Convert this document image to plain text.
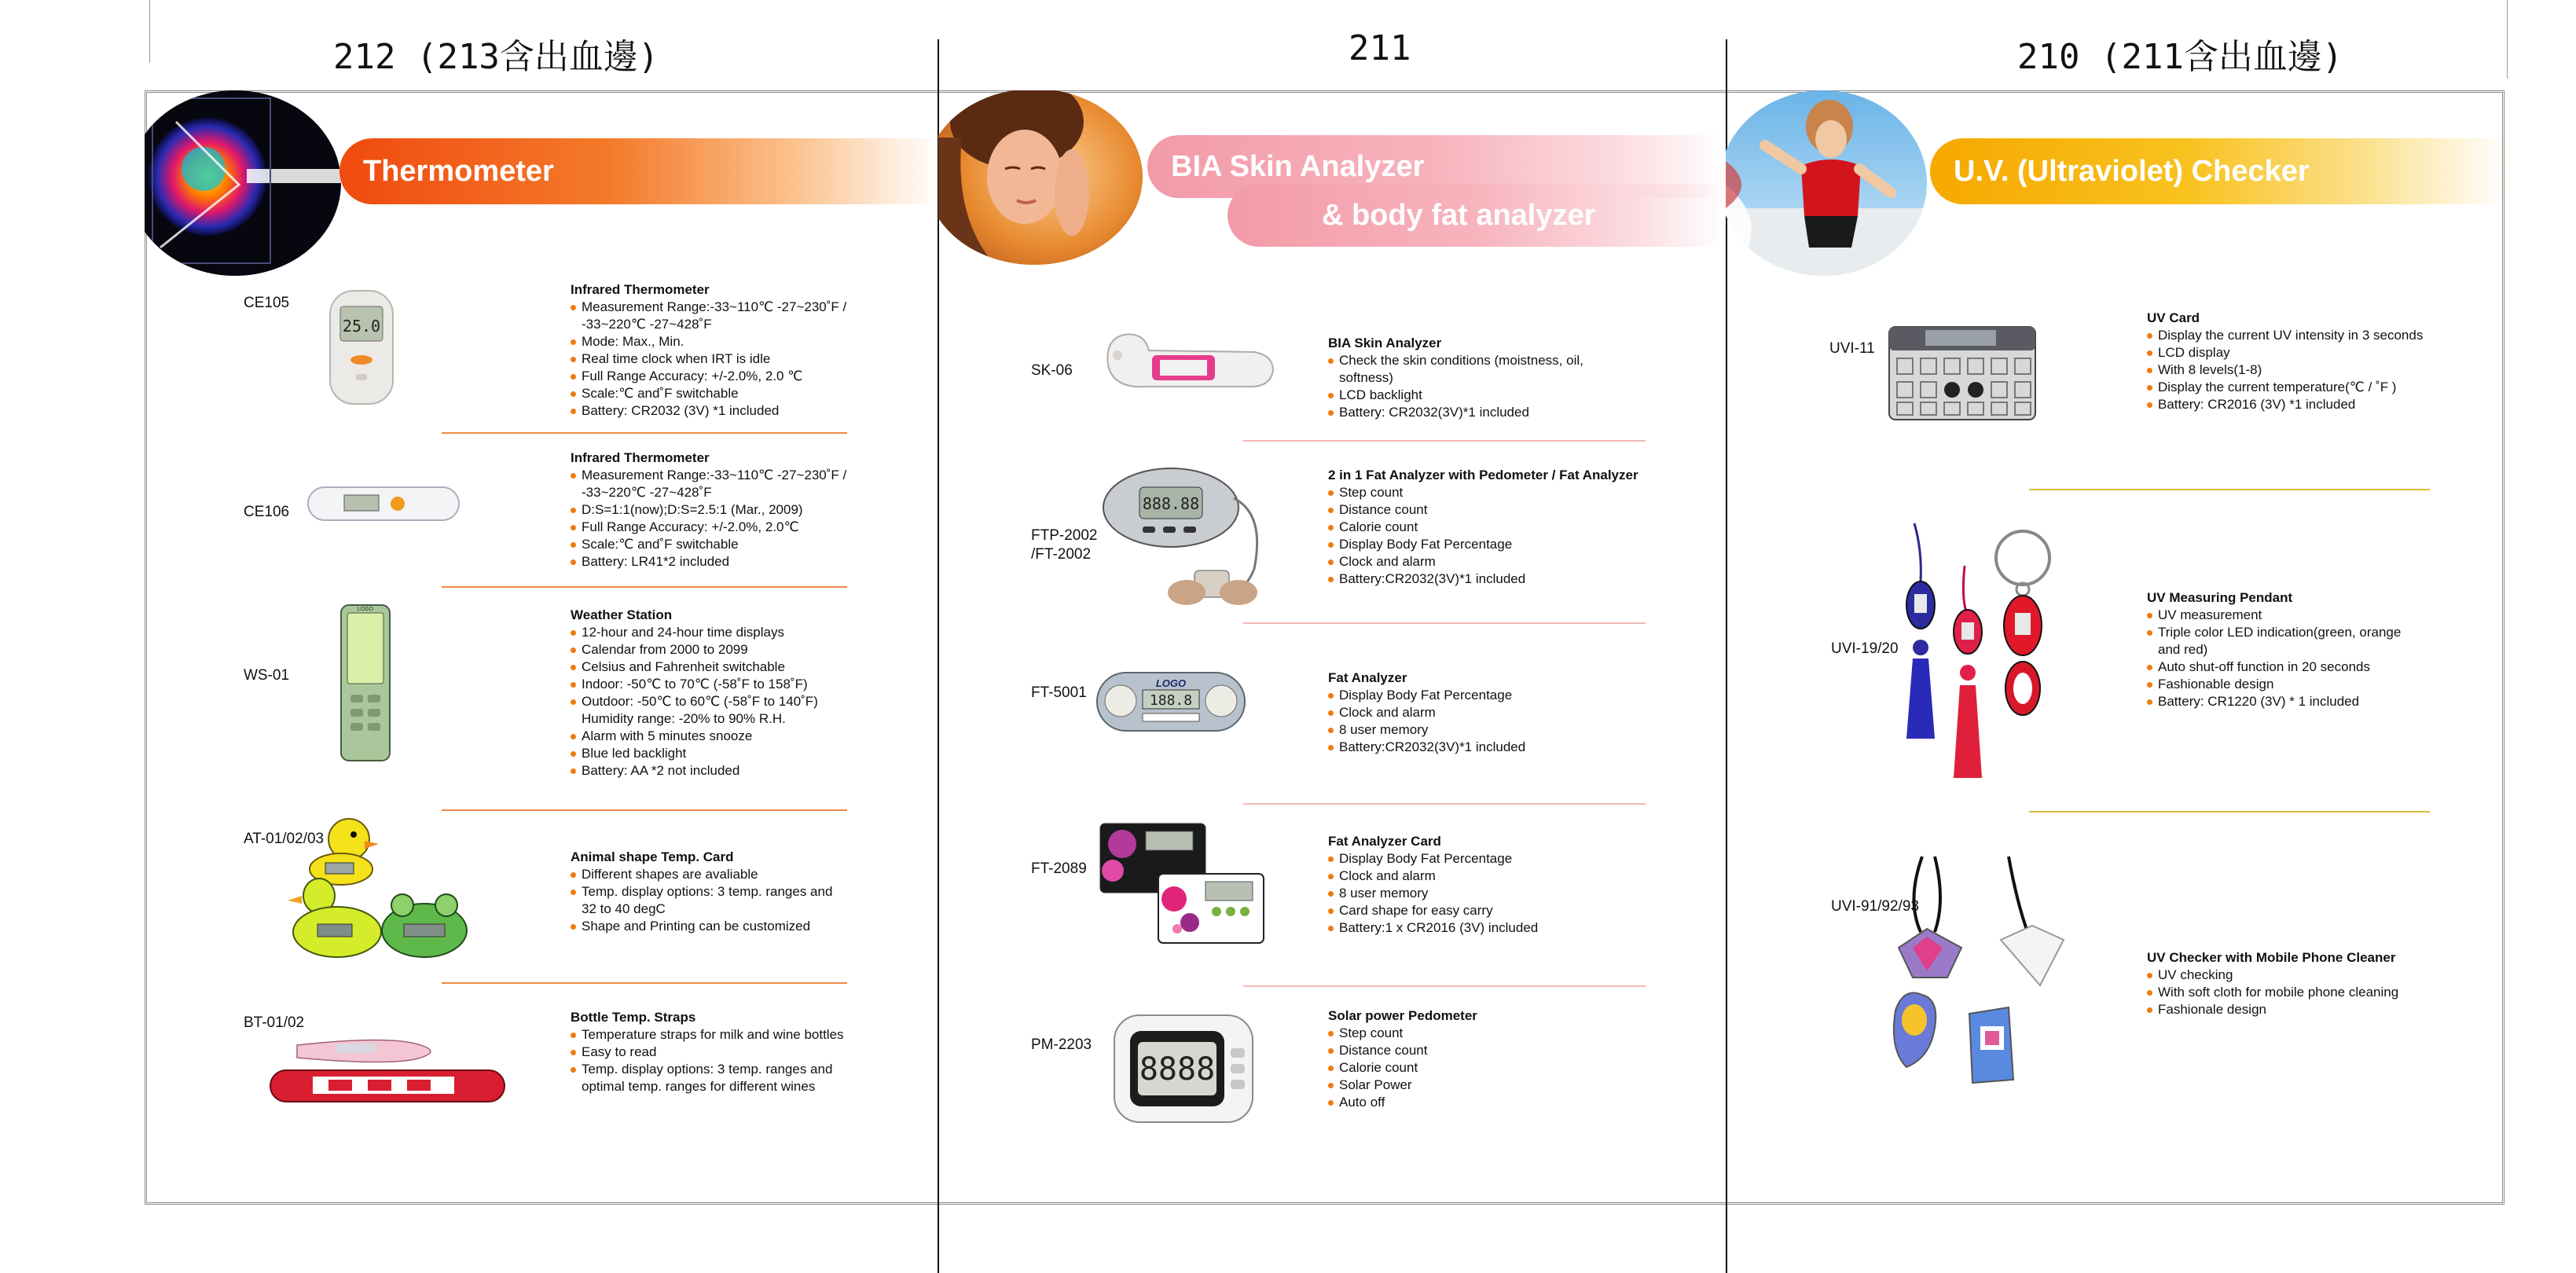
212 (213含出血邊)	211	210 (211含出血邊)
Thermometer
CE105
25.0
Infrared Thermometer
Measurement Range:-33~110℃ -27~230˚F /
-33~220℃ -27~428˚F
Mode: Max., Min.
Real time clock when IRT is idle
Full Range Accuracy: +/-2.0%, 2.0 ℃
Scale:℃ and˚F switchable
Battery: CR2032 (3V) *1 included
CE106
Infrared Thermometer
Measurement Range:-33~110℃ -27~230˚F /
-33~220℃ -27~428˚F
D:S=1:1(now);D:S=2.5:1 (Mar., 2009)
Full Range Accuracy: +/-2.0%, 2.0℃
Scale:℃ and˚F switchable
Battery: LR41*2 included
WS-01
LOGO	Weather Station
12-hour and 24-hour time displays
Calendar from 2000 to 2099
Celsius and Fahrenheit switchable
Indoor: -50℃ to 70℃ (-58˚F to 158˚F)
Outdoor: -50℃ to 60℃ (-58˚F to 140˚F)
Humidity range: -20% to 90% R.H.
Alarm with 5 minutes snooze
Blue led backlight
Battery: AA *2 not included
AT-01/02/03
Animal shape Temp. Card
Different shapes are avaliable
Temp. display options: 3 temp. ranges and
32 to 40 degC
Shape and Printing can be customized
BT-01/02	Bottle Temp. Straps
Temperature straps for milk and wine bottles
Easy to read
Temp. display options: 3 temp. ranges and
optimal temp. ranges for different wines
BIA Skin Analyzer
& body fat analyzer
SK-06
BIA Skin Analyzer
Check the skin conditions (moistness, oil,
softness)
LCD backlight
Battery: CR2032(3V)*1 included
FTP-2002
/FT-2002
888.88
2 in 1 Fat Analyzer with Pedometer / Fat Analyzer
Step count
Distance count
Calorie count
Display Body Fat Percentage
Clock and alarm
Battery:CR2032(3V)*1 included
FT-5001
LOGO
188.8
Fat Analyzer
Display Body Fat Percentage
Clock and alarm
8 user memory
Battery:CR2032(3V)*1 included
FT-2089
Fat Analyzer Card
Display Body Fat Percentage
Clock and alarm
8 user memory
Card shape for easy carry
Battery:1 x CR2016 (3V) included
PM-2203
8888
Solar power Pedometer
Step count
Distance count
Calorie count
Solar Power
Auto off
U.V. (Ultraviolet) Checker
UVI-11
UV Card
Display the current UV intensity in 3 seconds
LCD display
With 8 levels(1-8)
Display the current temperature(℃ / ˚F )
Battery: CR2016 (3V) *1 included
UVI-19/20
UV Measuring Pendant
UV measurement
Triple color LED indication(green, orange
and red)
Auto shut-off function in 20 seconds
Fashionable design
Battery: CR1220 (3V) * 1 included
UVI-91/92/93
UV Checker with Mobile Phone Cleaner
UV checking
With soft cloth for mobile phone cleaning
Fashionale design
